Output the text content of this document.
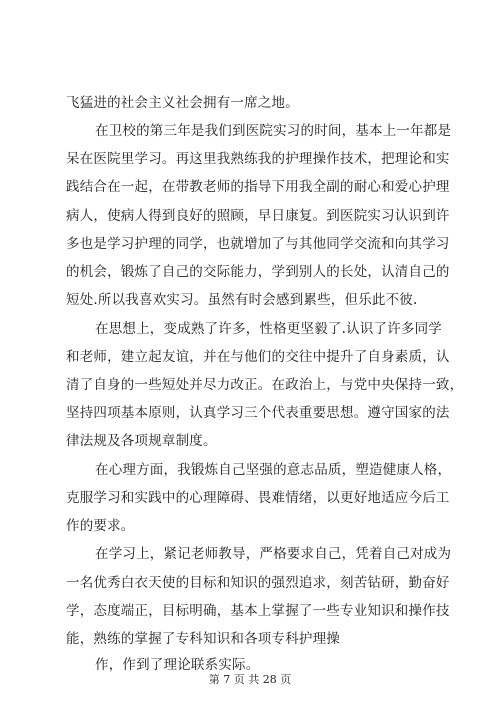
飞猛进的社会主义社会拥有一席之地。
在卫校的第三年是我们到医院实习的时间，基本上一年都是
呆在医院里学习。再这里我熟练我的护理操作技术，把理论和实
践结合在一起，在带教老师的指导下用我全副的耐心和爱心护理
病人，使病人得到良好的照顾，早日康复。到医院实习认识到许
多也是学习护理的同学，也就增加了与其他同学交流和向其学习
的机会，锻炼了自己的交际能力，学到别人的长处，认清自己的
短处.所以我喜欢实习。虽然有时会感到累些，但乐此不彼.
在思想上，变成熟了许多，性格更坚毅了.认识了许多同学
和老师，建立起友谊，并在与他们的交往中提升了自身素质，认
清了自身的一些短处并尽力改正。在政治上，与党中央保持一致，
坚持四项基本原则，认真学习三个代表重要思想。遵守国家的法
律法规及各项规章制度。
在心理方面，我锻炼自己坚强的意志品质，塑造健康人格，
克服学习和实践中的心理障碍、畏难情绪，以更好地适应今后工
作的要求。
在学习上，紧记老师教导，严格要求自己，凭着自己对成为
一名优秀白衣天使的目标和知识的强烈追求，刻苦钻研，勤奋好
学，态度端正，目标明确，基本上掌握了一些专业知识和操作技
能，熟练的掌握了专科知识和各项专科护理操
作，作到了理论联系实际。
第 7 页 共 28 页
